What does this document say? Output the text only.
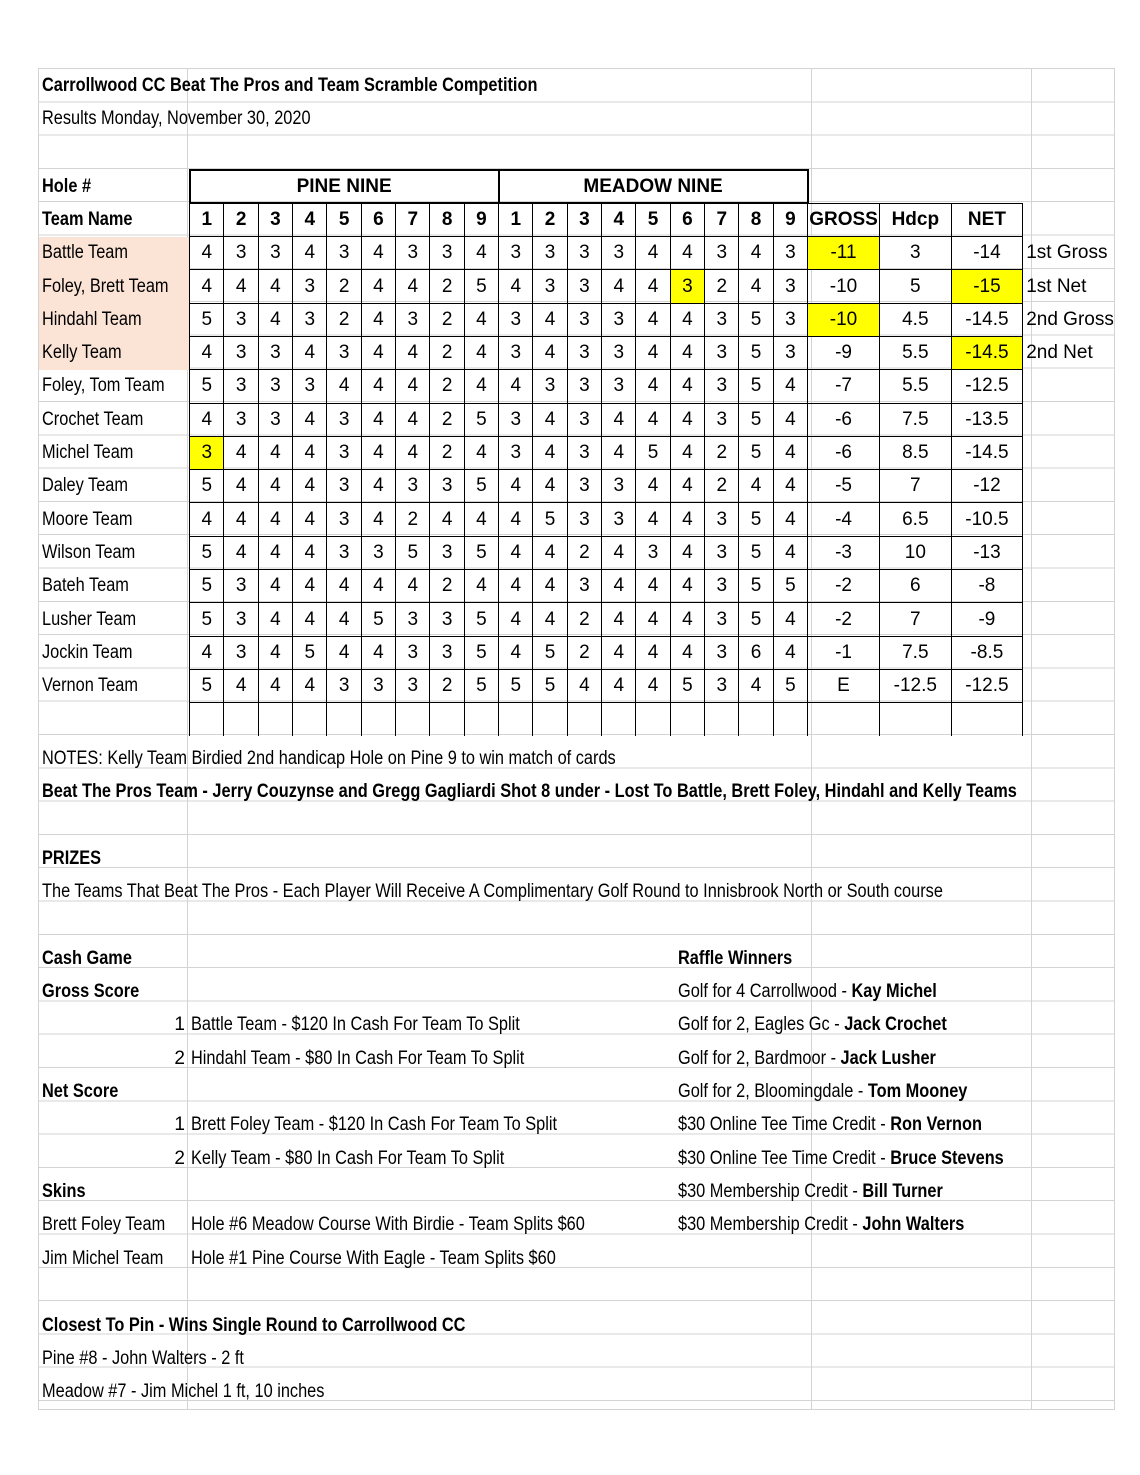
Carrollwood CC Beat The Pros and Team Scramble Competition
Results Monday, November 30, 2020
Hole #	PINE NINE									MEADOW NINE												
Team Name	1	2	3	4	5	6	7	8	9	1	2	3	4	5	6	7	8	9	GROSS	Hdcp	NET	
Battle Team	4	3	3	4	3	4	3	3	4	3	3	3	3	4	4	3	4	3	-11	3	-14	1st Gross
Foley, Brett Team	4	4	4	3	2	4	4	2	5	4	3	3	4	4	3	2	4	3	-10	5	-15	1st Net
Hindahl Team	5	3	4	3	2	4	3	2	4	3	4	3	3	4	4	3	5	3	-10	4.5	-14.5	2nd Gross
Kelly Team	4	3	3	4	3	4	4	2	4	3	4	3	3	4	4	3	5	3	-9	5.5	-14.5	2nd Net
Foley, Tom Team	5	3	3	3	4	4	4	2	4	4	3	3	3	4	4	3	5	4	-7	5.5	-12.5	
Crochet Team	4	3	3	4	3	4	4	2	5	3	4	3	4	4	4	3	5	4	-6	7.5	-13.5	
Michel Team	3	4	4	4	3	4	4	2	4	3	4	3	4	5	4	2	5	4	-6	8.5	-14.5	
Daley Team	5	4	4	4	3	4	3	3	5	4	4	3	3	4	4	2	4	4	-5	7	-12	
Moore Team	4	4	4	4	3	4	2	4	4	4	5	3	3	4	4	3	5	4	-4	6.5	-10.5	
Wilson Team	5	4	4	4	3	3	5	3	5	4	4	2	4	3	4	3	5	4	-3	10	-13	
Bateh Team	5	3	4	4	4	4	4	2	4	4	4	3	4	4	4	3	5	5	-2	6	-8	
Lusher Team	5	3	4	4	4	5	3	3	5	4	4	2	4	4	4	3	5	4	-2	7	-9	
Jockin Team	4	3	4	5	4	4	3	3	5	4	5	2	4	4	4	3	6	4	-1	7.5	-8.5	
Vernon Team	5	4	4	4	3	3	3	2	5	5	5	4	4	4	5	3	4	5	E	-12.5	-12.5	

NOTES: Kelly Team Birdied 2nd handicap Hole on Pine 9 to win match of cards
Beat The Pros Team - Jerry Couzynse and Gregg Gagliardi Shot 8 under - Lost To Battle, Brett Foley, Hindahl and Kelly Teams
PRIZES
The Teams That Beat The Pros - Each Player Will Receive A Complimentary Golf Round to Innisbrook North or South course
Cash Game
Gross Score
1 Battle Team - $120 In Cash For Team To Split
2 Hindahl Team - $80 In Cash For Team To Split
Net Score
1 Brett Foley Team - $120 In Cash For Team To Split
2 Kelly Team - $80 In Cash For Team To Split
Skins
Brett Foley Team Hole #6 Meadow Course With Birdie - Team Splits $60
Jim Michel Team Hole #1 Pine Course With Eagle - Team Splits $60
Raffle Winners
Golf for 4 Carrollwood - Kay Michel
Golf for 2, Eagles Gc - Jack Crochet
Golf for 2, Bardmoor - Jack Lusher
Golf for 2, Bloomingdale - Tom Mooney
$30 Online Tee Time Credit - Ron Vernon
$30 Online Tee Time Credit - Bruce Stevens
$30 Membership Credit - Bill Turner
$30 Membership Credit - John Walters
Closest To Pin - Wins Single Round to Carrollwood CC
Pine #8 - John Walters - 2 ft
Meadow #7 - Jim Michel 1 ft, 10 inches
